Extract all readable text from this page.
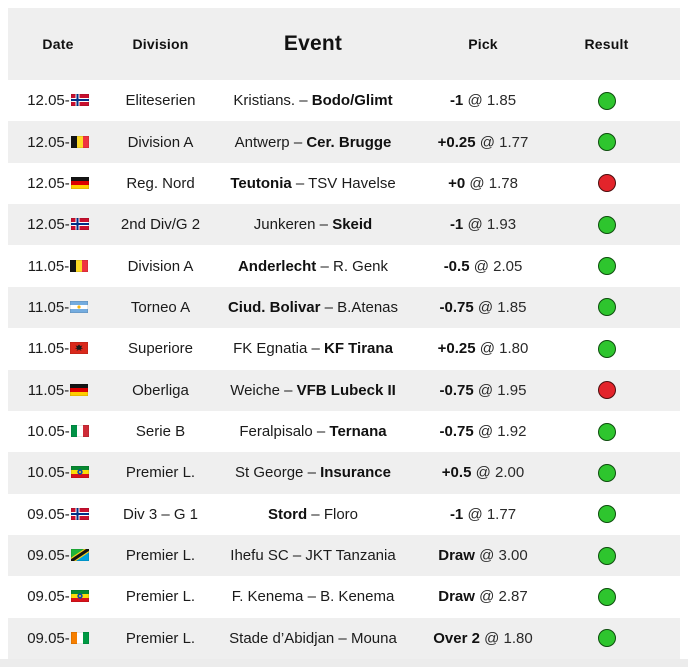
Date	Division	Event	Pick	Result
12.05-	Eliteserien	Kristians. – Bodo/Glimt	-1 @ 1.85
12.05-	Division A	Antwerp – Cer. Brugge	+0.25 @ 1.77
12.05-	Reg. Nord	Teutonia – TSV Havelse	+0 @ 1.78
12.05-	2nd Div/G 2	Junkeren – Skeid	-1 @ 1.93
11.05-	Division A	Anderlecht – R. Genk	-0.5 @ 2.05
11.05-	Torneo A	Ciud. Bolivar – B.Atenas	-0.75 @ 1.85
11.05-	Superiore	FK Egnatia – KF Tirana	+0.25 @ 1.80
11.05-	Oberliga	Weiche – VFB Lubeck II	-0.75 @ 1.95
10.05-	Serie B	Feralpisalo – Ternana	-0.75 @ 1.92
10.05-	Premier L.	St George – Insurance	+0.5 @ 2.00
09.05-	Div 3 – G 1	Stord – Floro	-1 @ 1.77
09.05-	Premier L.	Ihefu SC – JKT Tanzania	Draw @ 3.00
09.05-	Premier L.	F. Kenema – B. Kenema	Draw @ 2.87
09.05-	Premier L.	Stade d’Abidjan – Mouna	Over 2 @ 1.80
